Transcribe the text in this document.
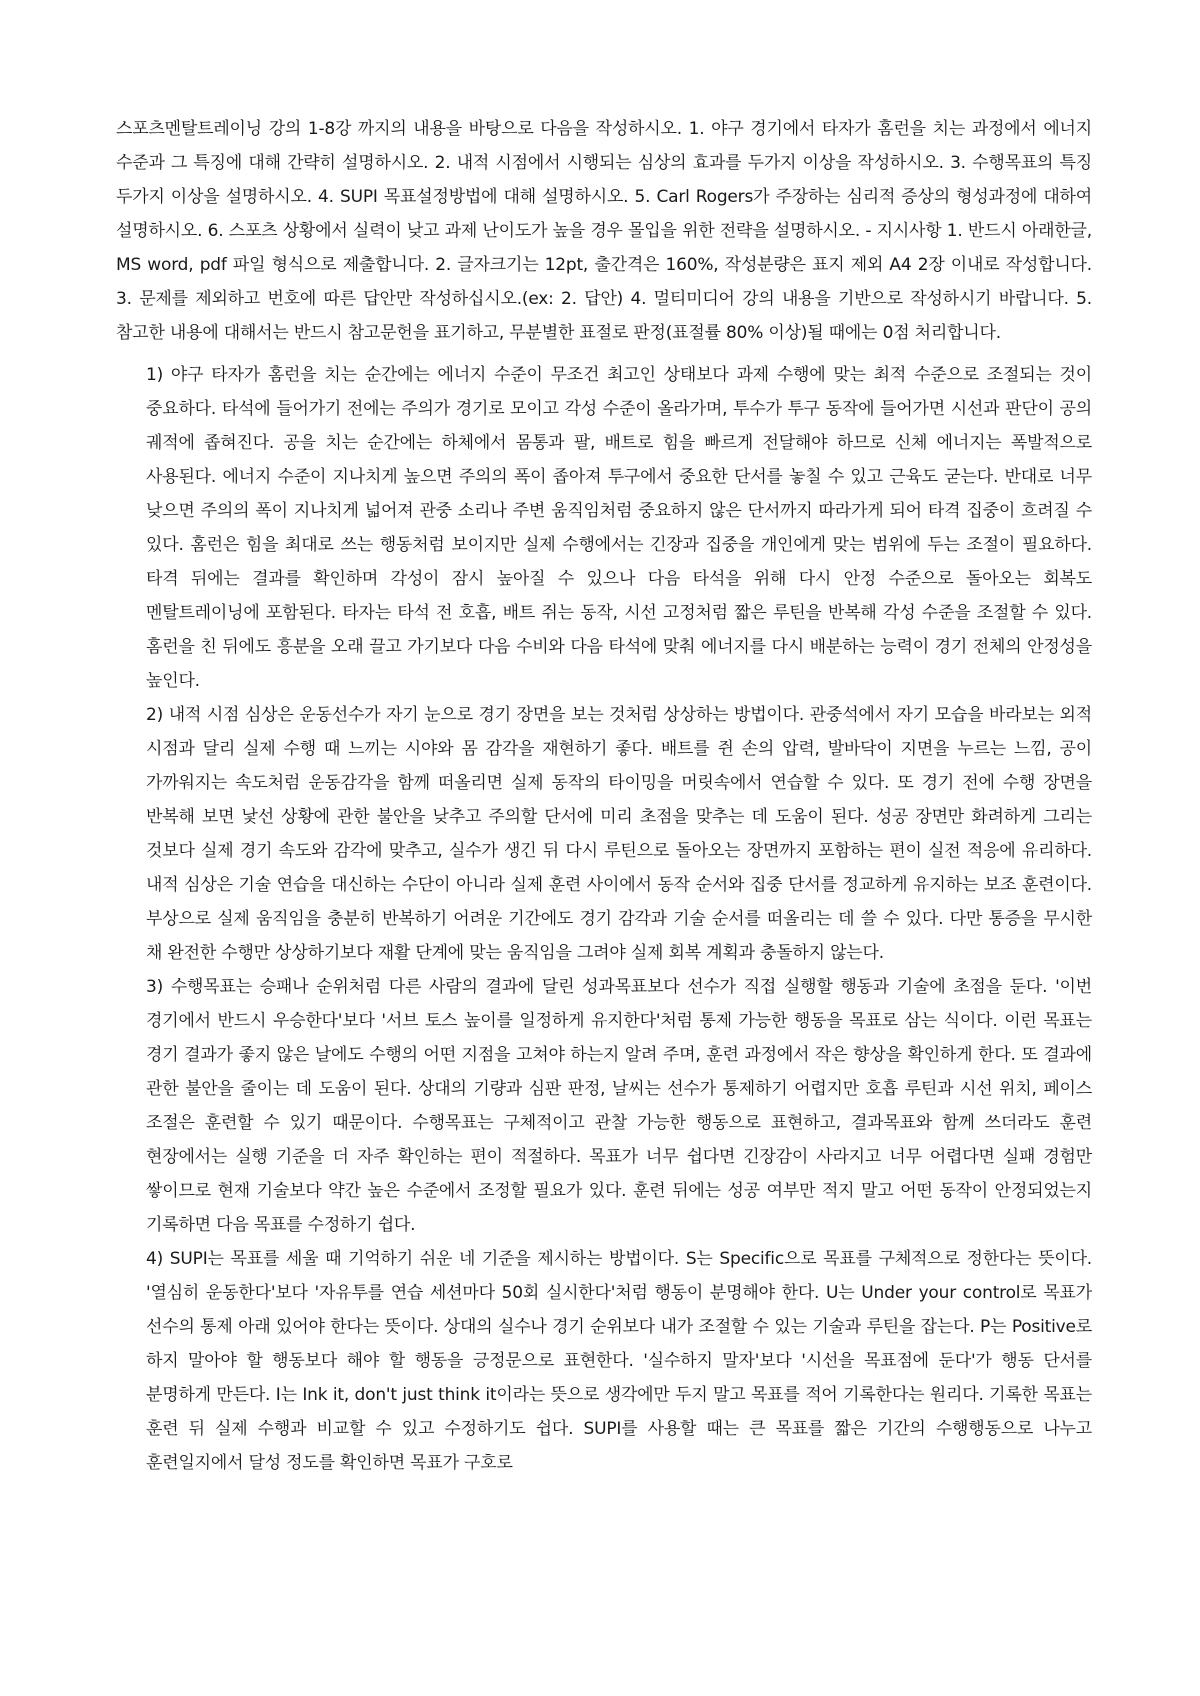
스포츠멘탈트레이닝 강의 1-8강 까지의 내용을 바탕으로 다음을 작성하시오. 1. 야구 경기에서 타자가 홈런을 치는 과정에서 에너지 수준과 그 특징에 대해 간략히 설명하시오. 2. 내적 시점에서 시행되는 심상의 효과를 두가지 이상을 작성하시오. 3. 수행목표의 특징 두가지 이상을 설명하시오. 4. SUPI 목표설정방법에 대해 설명하시오. 5. Carl Rogers가 주장하는 심리적 증상의 형성과정에 대하여 설명하시오. 6. 스포츠 상황에서 실력이 낮고 과제 난이도가 높을 경우 몰입을 위한 전략을 설명하시오. - 지시사항 1. 반드시 아래한글, MS word, pdf 파일 형식으로 제출합니다. 2. 글자크기는 12pt, 출간격은 160%, 작성분량은 표지 제외 A4 2장 이내로 작성합니다. 3. 문제를 제외하고 번호에 따른 답안만 작성하십시오.(ex: 2. 답안) 4. 멀티미디어 강의 내용을 기반으로 작성하시기 바랍니다. 5. 참고한 내용에 대해서는 반드시 참고문헌을 표기하고, 무분별한 표절로 판정(표절률 80% 이상)될 때에는 0점 처리합니다.

1) 야구 타자가 홈런을 치는 순간에는 에너지 수준이 무조건 최고인 상태보다 과제 수행에 맞는 최적 수준으로 조절되는 것이 중요하다. 타석에 들어가기 전에는 주의가 경기로 모이고 각성 수준이 올라가며, 투수가 투구 동작에 들어가면 시선과 판단이 공의 궤적에 좁혀진다. 공을 치는 순간에는 하체에서 몸통과 팔, 배트로 힘을 빠르게 전달해야 하므로 신체 에너지는 폭발적으로 사용된다. 에너지 수준이 지나치게 높으면 주의의 폭이 좁아져 투구에서 중요한 단서를 놓칠 수 있고 근육도 굳는다. 반대로 너무 낮으면 주의의 폭이 지나치게 넓어져 관중 소리나 주변 움직임처럼 중요하지 않은 단서까지 따라가게 되어 타격 집중이 흐려질 수 있다. 홈런은 힘을 최대로 쓰는 행동처럼 보이지만 실제 수행에서는 긴장과 집중을 개인에게 맞는 범위에 두는 조절이 필요하다. 타격 뒤에는 결과를 확인하며 각성이 잠시 높아질 수 있으나 다음 타석을 위해 다시 안정 수준으로 돌아오는 회복도 멘탈트레이닝에 포함된다. 타자는 타석 전 호흡, 배트 쥐는 동작, 시선 고정처럼 짧은 루틴을 반복해 각성 수준을 조절할 수 있다. 홈런을 친 뒤에도 흥분을 오래 끌고 가기보다 다음 수비와 다음 타석에 맞춰 에너지를 다시 배분하는 능력이 경기 전체의 안정성을 높인다.

2) 내적 시점 심상은 운동선수가 자기 눈으로 경기 장면을 보는 것처럼 상상하는 방법이다. 관중석에서 자기 모습을 바라보는 외적 시점과 달리 실제 수행 때 느끼는 시야와 몸 감각을 재현하기 좋다. 배트를 쥔 손의 압력, 발바닥이 지면을 누르는 느낌, 공이 가까워지는 속도처럼 운동감각을 함께 떠올리면 실제 동작의 타이밍을 머릿속에서 연습할 수 있다. 또 경기 전에 수행 장면을 반복해 보면 낯선 상황에 관한 불안을 낮추고 주의할 단서에 미리 초점을 맞추는 데 도움이 된다. 성공 장면만 화려하게 그리는 것보다 실제 경기 속도와 감각에 맞추고, 실수가 생긴 뒤 다시 루틴으로 돌아오는 장면까지 포함하는 편이 실전 적응에 유리하다. 내적 심상은 기술 연습을 대신하는 수단이 아니라 실제 훈련 사이에서 동작 순서와 집중 단서를 정교하게 유지하는 보조 훈련이다. 부상으로 실제 움직임을 충분히 반복하기 어려운 기간에도 경기 감각과 기술 순서를 떠올리는 데 쓸 수 있다. 다만 통증을 무시한 채 완전한 수행만 상상하기보다 재활 단계에 맞는 움직임을 그려야 실제 회복 계획과 충돌하지 않는다.

3) 수행목표는 승패나 순위처럼 다른 사람의 결과에 달린 성과목표보다 선수가 직접 실행할 행동과 기술에 초점을 둔다. '이번 경기에서 반드시 우승한다'보다 '서브 토스 높이를 일정하게 유지한다'처럼 통제 가능한 행동을 목표로 삼는 식이다. 이런 목표는 경기 결과가 좋지 않은 날에도 수행의 어떤 지점을 고쳐야 하는지 알려 주며, 훈련 과정에서 작은 향상을 확인하게 한다. 또 결과에 관한 불안을 줄이는 데 도움이 된다. 상대의 기량과 심판 판정, 날씨는 선수가 통제하기 어렵지만 호흡 루틴과 시선 위치, 페이스 조절은 훈련할 수 있기 때문이다. 수행목표는 구체적이고 관찰 가능한 행동으로 표현하고, 결과목표와 함께 쓰더라도 훈련 현장에서는 실행 기준을 더 자주 확인하는 편이 적절하다. 목표가 너무 쉽다면 긴장감이 사라지고 너무 어렵다면 실패 경험만 쌓이므로 현재 기술보다 약간 높은 수준에서 조정할 필요가 있다. 훈련 뒤에는 성공 여부만 적지 말고 어떤 동작이 안정되었는지 기록하면 다음 목표를 수정하기 쉽다.

4) SUPI는 목표를 세울 때 기억하기 쉬운 네 기준을 제시하는 방법이다. S는 Specific으로 목표를 구체적으로 정한다는 뜻이다. '열심히 운동한다'보다 '자유투를 연습 세션마다 50회 실시한다'처럼 행동이 분명해야 한다. U는 Under your control로 목표가 선수의 통제 아래 있어야 한다는 뜻이다. 상대의 실수나 경기 순위보다 내가 조절할 수 있는 기술과 루틴을 잡는다. P는 Positive로 하지 말아야 할 행동보다 해야 할 행동을 긍정문으로 표현한다. '실수하지 말자'보다 '시선을 목표점에 둔다'가 행동 단서를 분명하게 만든다. I는 Ink it, don't just think it이라는 뜻으로 생각에만 두지 말고 목표를 적어 기록한다는 원리다. 기록한 목표는 훈련 뒤 실제 수행과 비교할 수 있고 수정하기도 쉽다. SUPI를 사용할 때는 큰 목표를 짧은 기간의 수행행동으로 나누고 훈련일지에서 달성 정도를 확인하면 목표가 구호로
